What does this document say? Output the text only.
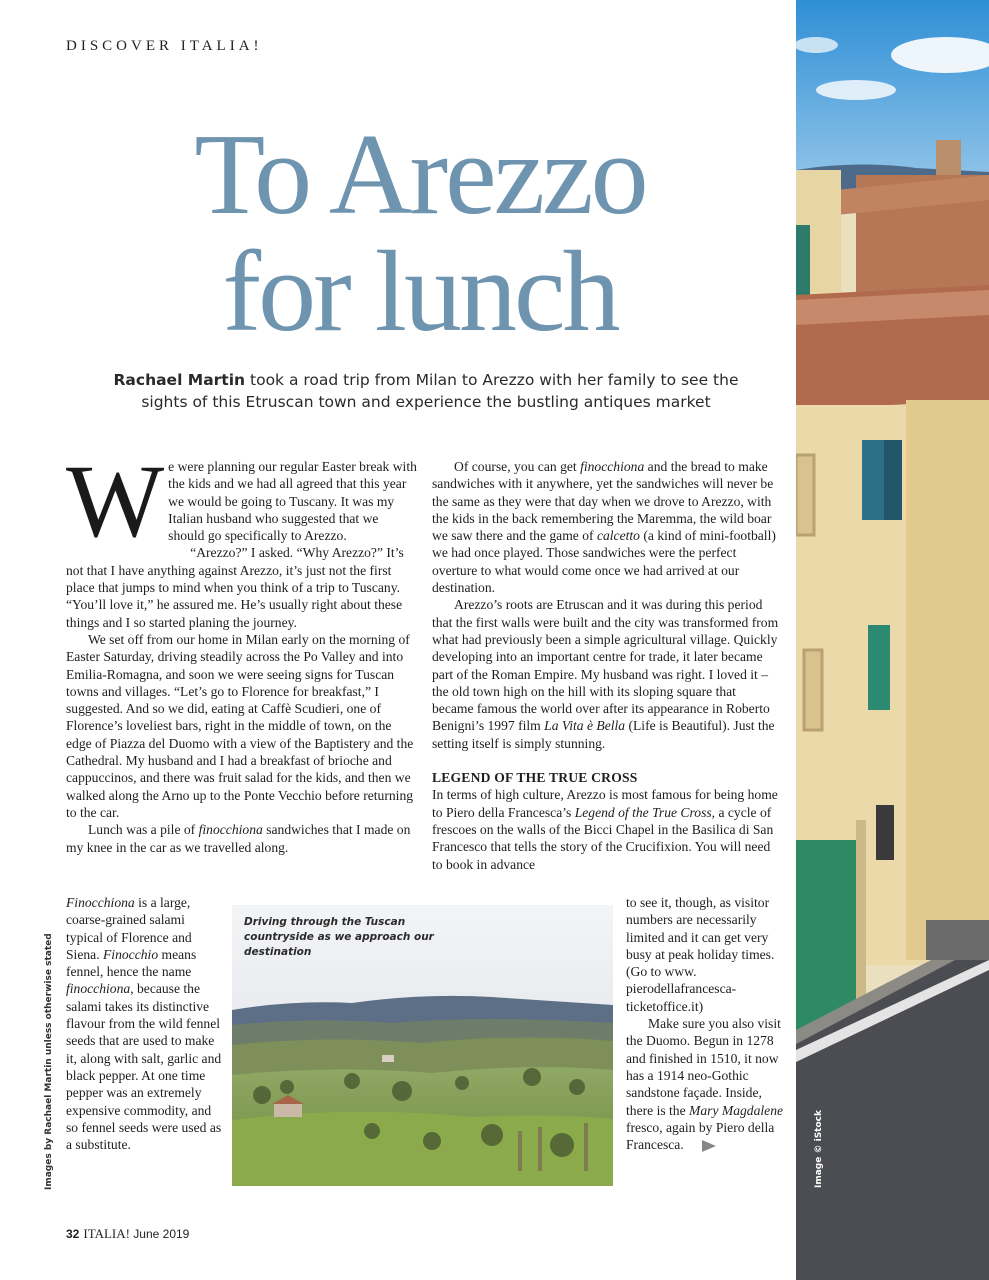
DISCOVER ITALIA!
To Arezzo
for lunch
Rachael Martin took a road trip from Milan to Arezzo with her family to see the sights of this Etruscan town and experience the bustling antiques market

We were planning our regular Easter break with the kids and we had all agreed that this year we would be going to Tuscany. It was my Italian husband who suggested that we should go specifically to Arezzo.

“Arezzo?” I asked. “Why Arezzo?” It’s not that I have anything against Arezzo, it’s just not the first place that jumps to mind when you think of a trip to Tuscany. “You’ll love it,” he assured me. He’s usually right about these things and I so started planing the journey.

We set off from our home in Milan early on the morning of Easter Saturday, driving steadily across the Po Valley and into Emilia-Romagna, and soon we were seeing signs for Tuscan towns and villages. “Let’s go to Florence for breakfast,” I suggested. And so we did, eating at Caffè Scudieri, one of Florence’s loveliest bars, right in the middle of town, on the edge of Piazza del Duomo with a view of the Baptistery and the Cathedral. My husband and I had a breakfast of brioche and cappuccinos, and there was fruit salad for the kids, and then we walked along the Arno up to the Ponte Vecchio before returning to the car.

Lunch was a pile of finocchiona sandwiches that I made on my knee in the car as we travelled along.

Finocchiona is a large, coarse-grained salami typical of Florence and Siena. Finocchio means fennel, hence the name finocchiona, because the salami takes its distinctive flavour from the wild fennel seeds that are used to make it, along with salt, garlic and black pepper. At one time pepper was an extremely expensive commodity, and so fennel seeds were used as a substitute.

Of course, you can get finocchiona and the bread to make sandwiches with it anywhere, yet the sandwiches will never be the same as they were that day when we drove to Arezzo, with the kids in the back remembering the Maremma, the wild boar we saw there and the game of calcetto (a kind of mini-football) we had once played. Those sandwiches were the perfect overture to what would come once we had arrived at our destination.

Arezzo’s roots are Etruscan and it was during this period that the first walls were built and the city was transformed from what had previously been a simple agricultural village. Quickly developing into an important centre for trade, it later became part of the Roman Empire. My husband was right. I loved it – the old town high on the hill with its sloping square that became famous the world over after its appearance in Roberto Benigni’s 1997 film La Vita è Bella (Life is Beautiful). Just the setting itself is simply stunning.

LEGEND OF THE TRUE CROSS

In terms of high culture, Arezzo is most famous for being home to Piero della Francesca’s Legend of the True Cross, a cycle of frescoes on the walls of the Bicci Chapel in the Basilica di San Francesco that tells the story of the Crucifixion. You will need to book in advance

to see it, though, as visitor numbers are necessarily limited and it can get very busy at peak holiday times. (Go to www. pierodellafrancesca-ticketoffice.it)

Make sure you also visit the Duomo. Begun in 1278 and finished in 1510, it now has a 1914 neo-Gothic sandstone façade. Inside, there is the Mary Magdalene fresco, again by Piero della Francesca.

Driving through the Tuscan countryside as we approach our destination
Images by Rachael Martin unless otherwise stated	Image © iStock
32 ITALIA! June 2019
